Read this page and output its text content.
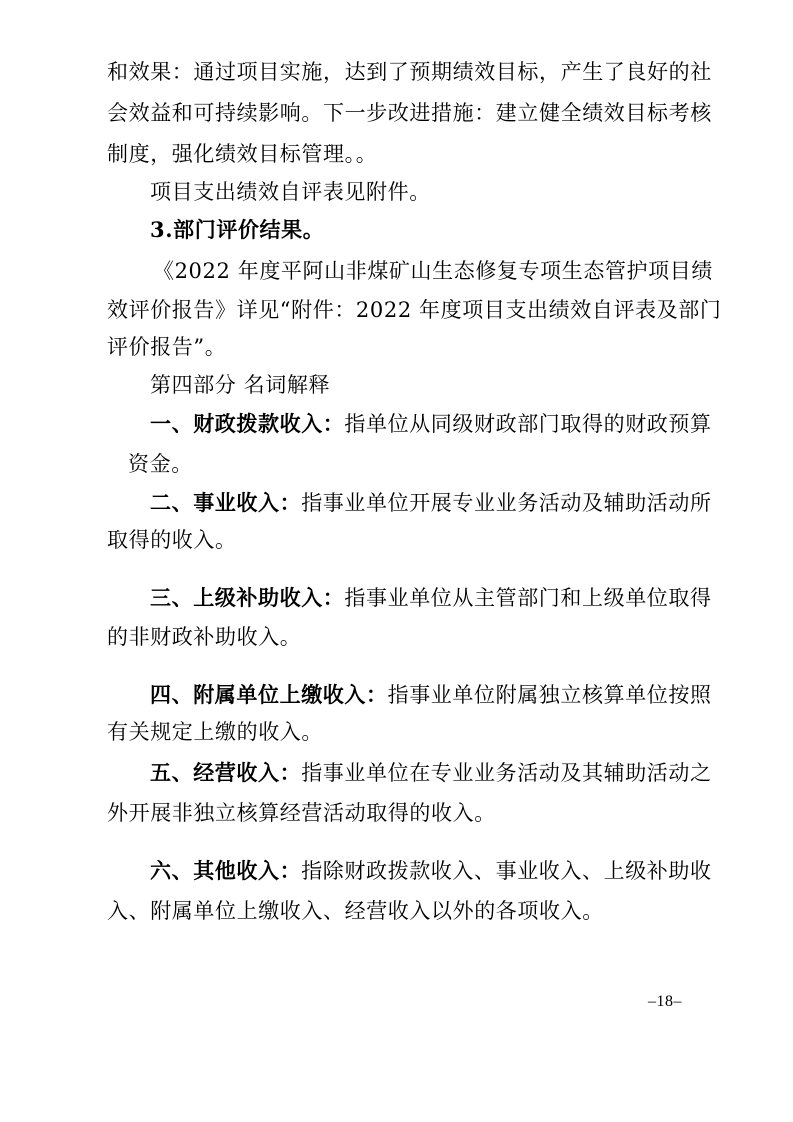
和效果：通过项目实施，达到了预期绩效目标，产生了良好的社
会效益和可持续影响。下一步改进措施：建立健全绩效目标考核
制度，强化绩效目标管理。。
项目支出绩效自评表见附件。
3.部门评价结果。
《2022 年度平阿山非煤矿山生态修复专项生态管护项目绩
效评价报告》详见“附件：2022 年度项目支出绩效自评表及部门
评价报告”。
第四部分 名词解释
一、财政拨款收入：指单位从同级财政部门取得的财政预算
资金。
二、事业收入：指事业单位开展专业业务活动及辅助活动所
取得的收入。
三、上级补助收入：指事业单位从主管部门和上级单位取得
的非财政补助收入。
四、附属单位上缴收入：指事业单位附属独立核算单位按照
有关规定上缴的收入。
五、经营收入：指事业单位在专业业务活动及其辅助活动之
外开展非独立核算经营活动取得的收入。
六、其他收入：指除财政拨款收入、事业收入、上级补助收
入、附属单位上缴收入、经营收入以外的各项收入。
–18–
